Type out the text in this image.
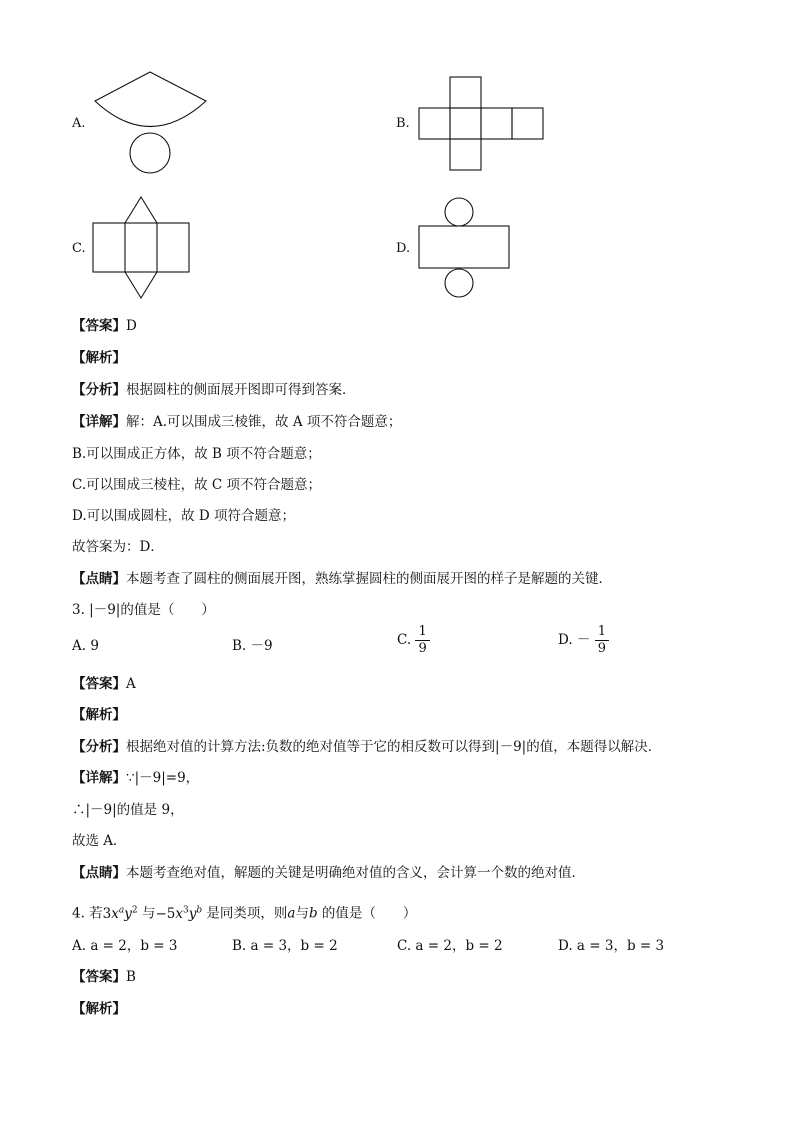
A.	B.
C.	D.
【答案】D
【解析】
【分析】根据圆柱的侧面展开图即可得到答案．
【详解】解：A.可以围成三棱锥，故 A 项不符合题意；
B.可以围成正方体，故 B 项不符合题意；
C.可以围成三棱柱，故 C 项不符合题意；
D.可以围成圆柱，故 D 项符合题意；
故答案为：D．
【点睛】本题考查了圆柱的侧面展开图，熟练掌握圆柱的侧面展开图的样子是解题的关键．
3. |－9|的值是（　　）
A. 9	B. －9	C. $\frac{1}{9}$	D. － $\frac{1}{9}$
【答案】A
【解析】
【分析】根据绝对值的计算方法:负数的绝对值等于它的相反数可以得到|－9|的值，本题得以解决．
【详解】∵|－9|=9，
∴|－9|的值是 9，
故选 A．
【点睛】本题考查绝对值，解题的关键是明确绝对值的含义，会计算一个数的绝对值．
4. 若$3x^ay^2$ 与$-5x^3y^b$ 是同类项，则a与b 的值是（　　）
A. a = 2，b = 3	B. a = 3，b = 2	C. a = 2，b = 2	D. a = 3，b = 3
【答案】B
【解析】
